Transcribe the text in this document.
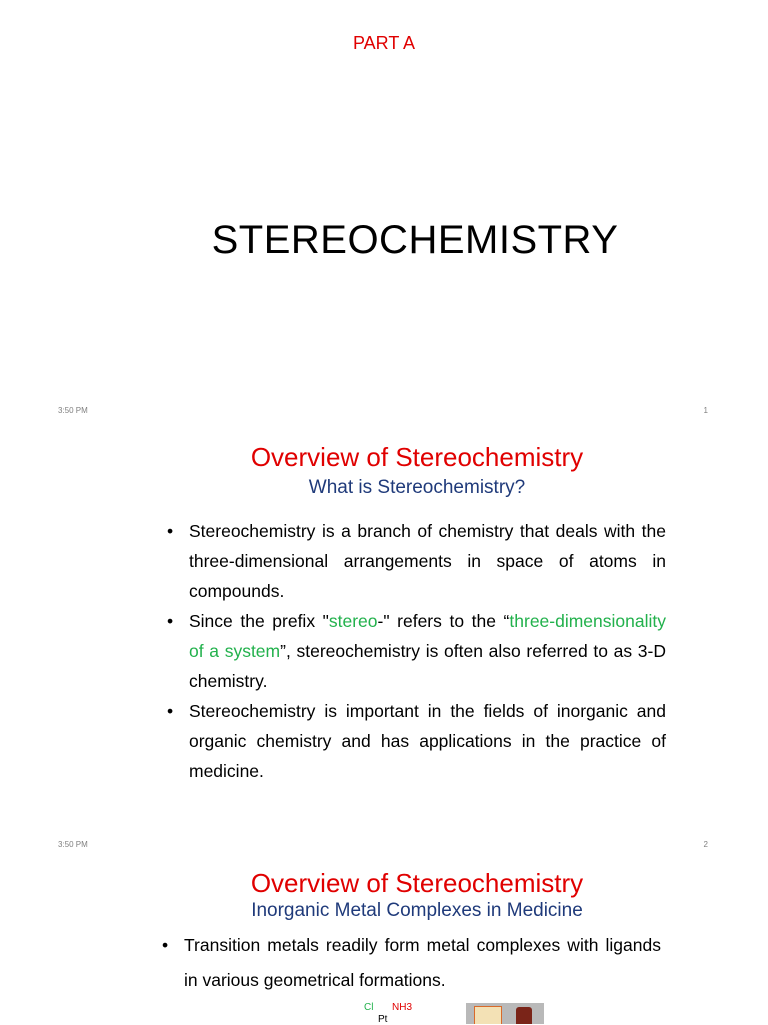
PART A
STEREOCHEMISTRY
3:50 PM	1
Overview of Stereochemistry
What is Stereochemistry?
• Stereochemistry is a branch of chemistry that deals with the three-dimensional arrangements in space of atoms in compounds.
• Since the prefix "stereo-" refers to the “three-dimensionality of a system”, stereochemistry is often also referred to as 3-D chemistry.
• Stereochemistry is important in the fields of inorganic and organic chemistry and has applications in the practice of medicine.
3:50 PM	2
Overview of Stereochemistry
Inorganic Metal Complexes in Medicine
• Transition metals readily form metal complexes with ligands in various geometrical formations.
Cl NH3
Pt
